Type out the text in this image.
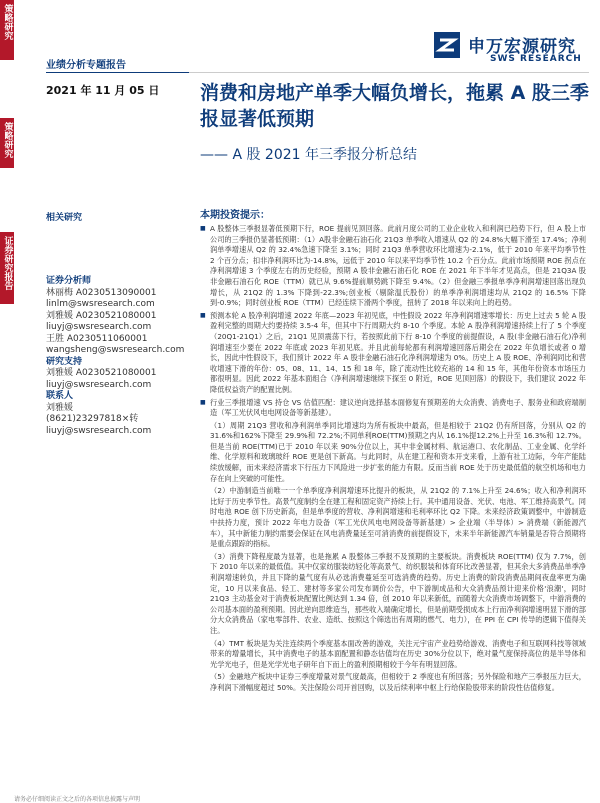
策略研究
策略研究
证券研究报告
业绩分析专题报告
2021 年 11 月 05 日
申万宏源研究
SWS RESEARCH
消费和房地产单季大幅负增长，拖累 A 股三季报显著低预期
—— A 股 2021 年三季报分析总结
相关研究
证券分析师
林丽梅 A0230513090001
linlm@swsresearch.com
刘雅媛 A0230521080001
liuyj@swsresearch.com
王胜 A0230511060001
wangsheng@swsresearch.com
研究支持
刘雅媛 A0230521080001
liuyj@swsresearch.com
联系人
刘雅媛
(8621)23297818×转
liuyj@swsresearch.com
本期投资提示：

■ A 股整体三季报显著低预期下行，ROE 提前见顶回落。此前月度公司的工业企业收入和利润已趋势下行，但 A 股上市公司的三季报仍显著低预期：（1）A股非金融石油石化 21Q3 单季收入增速从 Q2 的 24.8%大幅下滑至 17.4%；净利润单季增速从 Q2 的 32.4%急速下降至 3.1%；同时 21Q3 单季营收环比增速为-2.1%，低于 2010 年来平均季节性 2 个百分点；扣非净利润环比为-14.8%，远低于 2010 年以来平均季节性 10.2 个百分点。此前市场预期 ROE 拐点在净利润增速 3 个季度左右的历史经验，预期 A 股非金融石油石化 ROE 在 2021 年下半年才见高点，但是 21Q3A 股非金融石油石化 ROE（TTM）就已从 9.6%提前顺势跳下降至 9.4%。（2）但金融三季报单季净利润增速回落出现负增长，从 21Q2 的 1.3% 下降到-22.3%;创业板（剔除温氏股份）的单季净利润增速均从 21Q2 的 16.5% 下降到-0.9%；同时创业板 ROE（TTM）已经连续下滑两个季度，扭转了 2018 年以来向上的趋势。

■ 预测本轮 A 股净利润增速 2022 年底—2023 年初见底，中性假设 2022 年净利润增速零增长：历史上过去 5 轮 A 股盈利完整的周期大约要持续 3.5-4 年，但其中下行周期大约 8-10 个季度。本轮 A 股净利润增速持续上行了 5 个季度（20Q1-21Q1）之后，21Q1 见顶震荡下行，若按照此前下行 8-10 个季度的前提假设，A 股(非金融石油石化)净利润增速至少要在 2022 年底或 2023 年初见底。并且此前每轮都有利润增速回落后期会在 2022 年负增长或者 0 增长，因此中性假设下，我们预计 2022 年 A 股非金融石油石化净利润增速为 0%。历史上 A 股 ROE、净利润同比和营收增速下滑的年份：05、08、11、14、15 和 18 年，除了流动性比较充裕的 14 和 15 年，其他年份资本市场压力都很明显。因此 2022 年基本面组合（净利润增速继续下探至 0 附近，ROE 见顶回落）的假设下，我们建议 2022 年降低权益资产的配置比例。

■ 行业三季报增速 VS 持仓 VS 估值匹配：建议逆向选择基本面修复有预期差的大众消费、消费电子、服务业和政府端制造（军工光伏风电电网设备等新基建）。

（1）周期 21Q3 营收和净利润单季同比增速均为所有板块中最高，但是相较于 21Q2 仍有所回落，分别从 Q2 的 31.6%和162%下降至 29.9%和 72.2%;不同单利ROE(TTM)预期之内从 16.1%提12.2%上升至 16.3%和 12.7%。但是当前 ROE(TTM)已于 2010 年以来 90%分位以上，其中非金属材料、航运港口、农化制品、工业金属、化学纤维、化学原料和玻璃玻纤 ROE 更是创下新高。与此同时，从在建工程和资本开支来看，上游有社工边际，今年产能陆续放缓解，而未来经济需求下行压力下风险进一步扩张的能力有限。反而当前 ROE 处于历史最低值的航空机场和电力存在向上突破的可能性。

（2）中游制造当前唯一一个单季度净利润增速环比提升的板块，从 21Q2 的 7.1%上升至 24.6%；收入和净利润环比好于历史季节性。高景气度制约全在建工程和固定资产持续上行。其中通用设备、光伏、电池、军工维持高景气。同时电池 ROE 创下历史新高，但是单季度的营收、净利润增速和毛利率环比 Q2 下降。未来经济政策调整中，中游制造中扶持力度，预计 2022 年电力设备（军工光伏风电电网设备等新基建）> 企业端（半导体）> 消费端（新能源汽车），其中新能力制约需要会保证在风电消费量延至可消消费的前提假设下，未来半年新能源汽车销量是否符合预期将是重点跟踪的指标。

（3）消费下降程度最为显著，也是拖累 A 股整体三季报不及预期的主要板块。消费板块 ROE(TTM) 仅为 7.7%，创下 2010 年以来的最低值。其中仅家纺服装纺轻化等高景气、纺织服装和体育环比改善显著，但其余大多消费品单季净利润增速转负，并且下降的量气度有从必选消费蔓延至可选消费的趋势。历史上消费的阶段消费品期间夜盘率更为确定，10 月以来食品、轻工、建材等多家公司发布调价公告，中下游制成品和大众消费品预计迎来价格'浪潮'，同时 21Q3 主动基金对于消费板块配置比例达到 1.34 倍，创 2010 年以来新低，而随着大众消费市场调整下，中游消费的公司基本面的盈利预期。因此逆向思维造当，那些收入端确定增长，但是前期受损成本上行而净利润增速明显下滑的部分大众消费品（家电零部件、农业、造纸、按照这个筛选出有周期的燃气、电力），在 PPI 在 CPI 传导的逻辑下值得关注。

（4）TMT 板块是为关注连续两个季度基本面改善的游戏，关注元宇宙产业趋势给游戏、消费电子和互联网科技等领域带来的增量增长，其中消费电子的基本面配置和静态估值均在历史 30%分位以下，绝对量气度保持高位的是半导体和光学光电子，但是光学光电子研年自下而上的盈利预期相较于今年有明显回落。

（5）金融地产板块中证券三季度增量对景气度最高，但相较于 2 季度也有所回落；另外保险和地产三季报压力巨大，净利润下滑幅度超过 50%。关注保险公司开首回购，以及后续利率中枢上行给保险股带来的阶段性估值修复。

请务必仔细阅读正文之后的各项信息披露与声明
